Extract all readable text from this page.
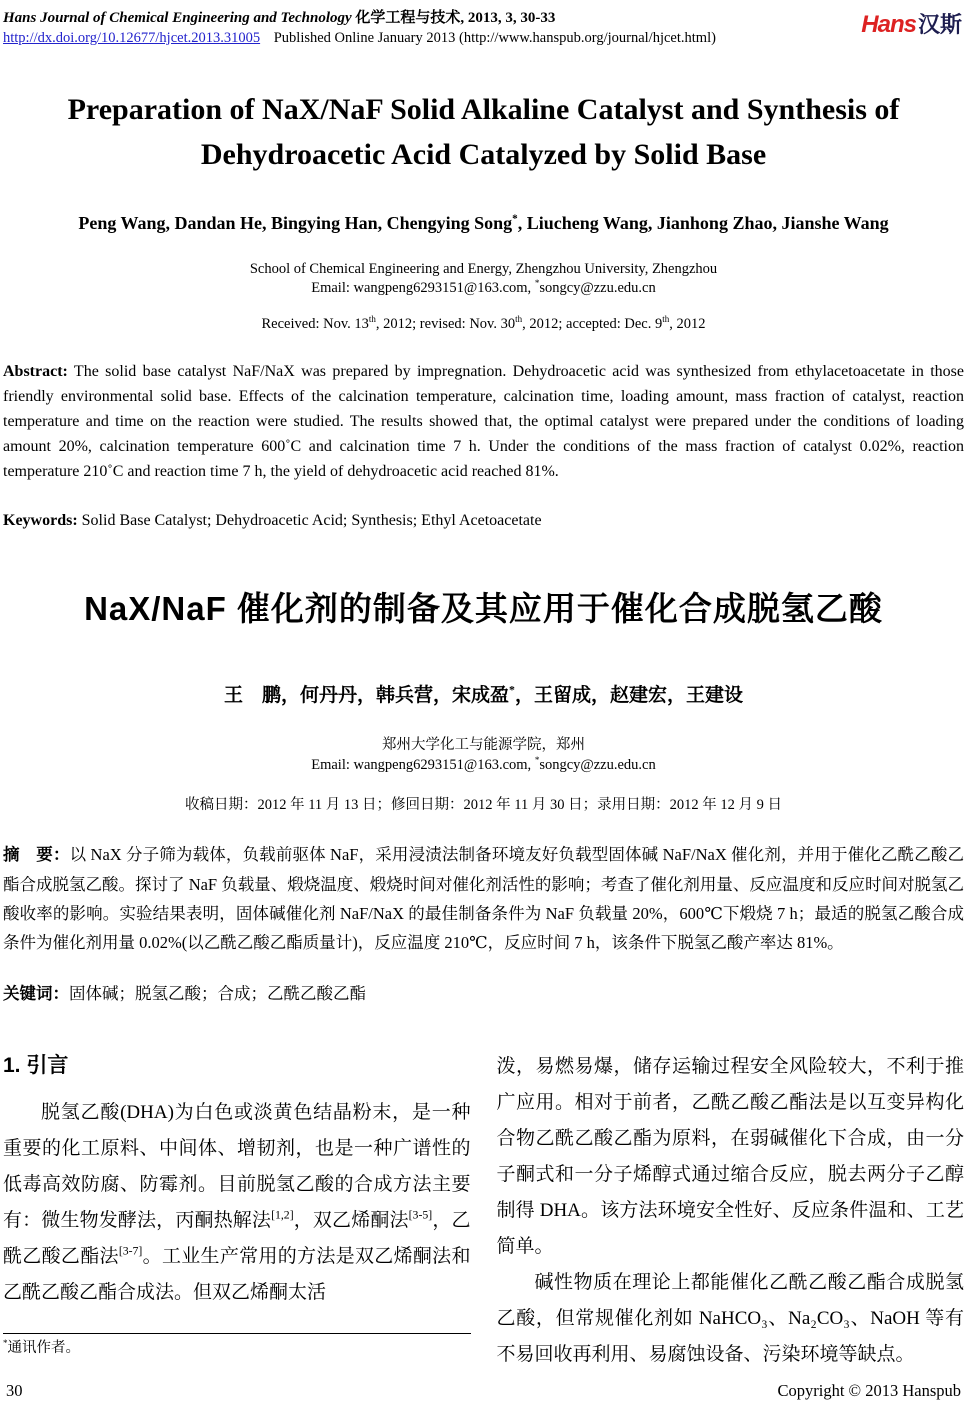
Hans Journal of Chemical Engineering and Technology 化学工程与技术, 2013, 3, 30-33
http://dx.doi.org/10.12677/hjcet.2013.31005 Published Online January 2013 (http://www.hanspub.org/journal/hjcet.html)	Hans汉斯
Preparation of NaX/NaF Solid Alkaline Catalyst and Synthesis of Dehydroacetic Acid Catalyzed by Solid Base
Peng Wang, Dandan He, Bingying Han, Chengying Song*, Liucheng Wang, Jianhong Zhao, Jianshe Wang
School of Chemical Engineering and Energy, Zhengzhou University, Zhengzhou
Email: wangpeng6293151@163.com, *songcy@zzu.edu.cn
Received: Nov. 13th, 2012; revised: Nov. 30th, 2012; accepted: Dec. 9th, 2012

Abstract: The solid base catalyst NaF/NaX was prepared by impregnation. Dehydroacetic acid was synthesized from ethylacetoacetate in those friendly environmental solid base. Effects of the calcination temperature, calcination time, loading amount, mass fraction of catalyst, reaction temperature and time on the reaction were studied. The results showed that, the optimal catalyst were prepared under the conditions of loading amount 20%, calcination temperature 600˚C and calcination time 7 h. Under the conditions of the mass fraction of catalyst 0.02%, reaction temperature 210˚C and reaction time 7 h, the yield of dehydroacetic acid reached 81%.

Keywords: Solid Base Catalyst; Dehydroacetic Acid; Synthesis; Ethyl Acetoacetate

NaX/NaF 催化剂的制备及其应用于催化合成脱氢乙酸
王　鹏，何丹丹，韩兵营，宋成盈*，王留成，赵建宏，王建设
郑州大学化工与能源学院，郑州
Email: wangpeng6293151@163.com, *songcy@zzu.edu.cn
收稿日期：2012 年 11 月 13 日；修回日期：2012 年 11 月 30 日；录用日期：2012 年 12 月 9 日

摘　要：以 NaX 分子筛为载体，负载前驱体 NaF，采用浸渍法制备环境友好负载型固体碱 NaF/NaX 催化剂，并用于催化乙酰乙酸乙酯合成脱氢乙酸。探讨了 NaF 负载量、煅烧温度、煅烧时间对催化剂活性的影响；考查了催化剂用量、反应温度和反应时间对脱氢乙酸收率的影响。实验结果表明，固体碱催化剂 NaF/NaX 的最佳制备条件为 NaF 负载量 20%，600℃下煅烧 7 h；最适的脱氢乙酸合成条件为催化剂用量 0.02%(以乙酰乙酸乙酯质量计)，反应温度 210℃，反应时间 7 h，该条件下脱氢乙酸产率达 81%。

关键词：固体碱；脱氢乙酸；合成；乙酰乙酸乙酯

1. 引言

脱氢乙酸(DHA)为白色或淡黄色结晶粉末，是一种重要的化工原料、中间体、增韧剂，也是一种广谱性的低毒高效防腐、防霉剂。目前脱氢乙酸的合成方法主要有：微生物发酵法，丙酮热解法[1,2]，双乙烯酮法[3-5]，乙酰乙酸乙酯法[3-7]。工业生产常用的方法是双乙烯酮法和乙酰乙酸乙酯合成法。但双乙烯酮太活

*通讯作者。

泼，易燃易爆，储存运输过程安全风险较大，不利于推广应用。相对于前者，乙酰乙酸乙酯法是以互变异构化合物乙酰乙酸乙酯为原料，在弱碱催化下合成，由一分子酮式和一分子烯醇式通过缩合反应，脱去两分子乙醇制得 DHA。该方法环境安全性好、反应条件温和、工艺简单。

碱性物质在理论上都能催化乙酰乙酸乙酯合成脱氢乙酸，但常规催化剂如 NaHCO₃、Na₂CO₃、NaOH 等有不易回收再利用、易腐蚀设备、污染环境等缺点。

30	Copyright © 2013 Hanspub
